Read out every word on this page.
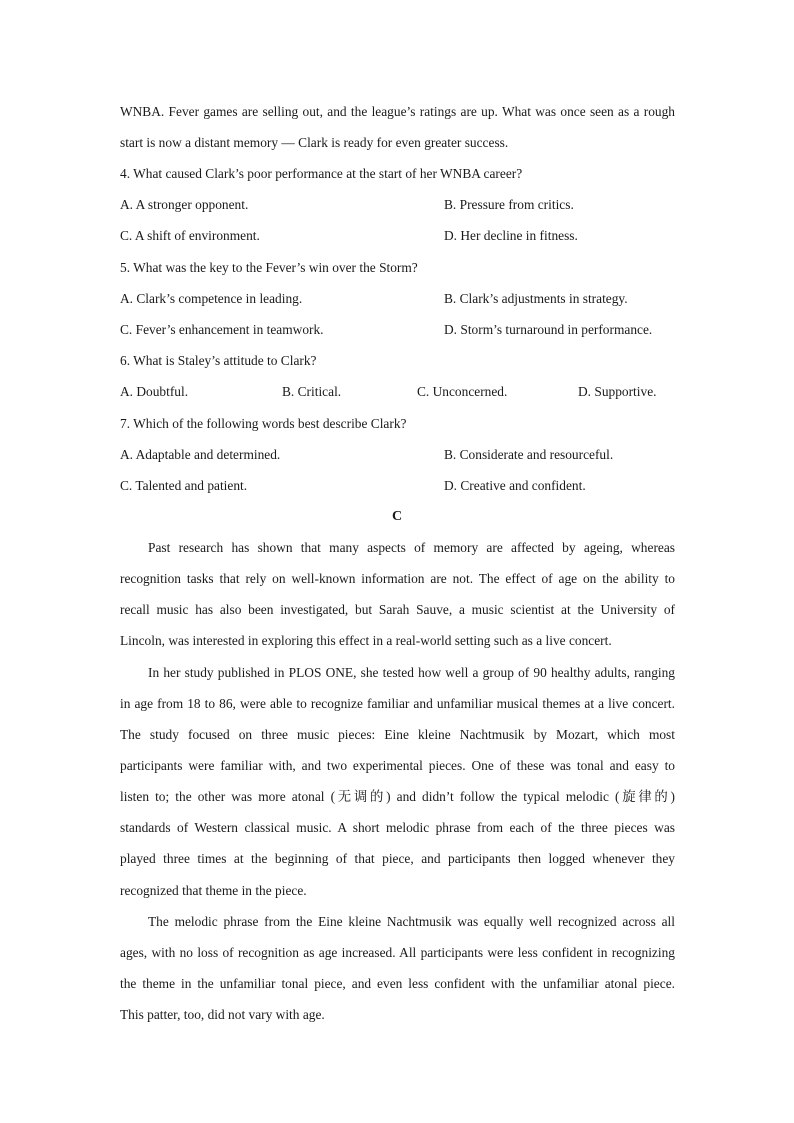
WNBA. Fever games are selling out, and the league’s ratings are up. What was once seen as a rough
start is now a distant memory — Clark is ready for even greater success.
4. What caused Clark’s poor performance at the start of her WNBA career?
A. A stronger opponent.	B. Pressure from critics.
C. A shift of environment.	D. Her decline in fitness.
5. What was the key to the Fever’s win over the Storm?
A. Clark’s competence in leading.	B. Clark’s adjustments in strategy.
C. Fever’s enhancement in teamwork.	D. Storm’s turnaround in performance.
6. What is Staley’s attitude to Clark?
A. Doubtful.	B. Critical.	C. Unconcerned.	D. Supportive.
7. Which of the following words best describe Clark?
A. Adaptable and determined.	B. Considerate and resourceful.
C. Talented and patient.	D. Creative and confident.
C
Past research has shown that many aspects of memory are affected by ageing, whereas
recognition tasks that rely on well-known information are not. The effect of age on the ability to
recall music has also been investigated, but Sarah Sauve, a music scientist at the University of
Lincoln, was interested in exploring this effect in a real-world setting such as a live concert.
In her study published in PLOS ONE, she tested how well a group of 90 healthy adults, ranging
in age from 18 to 86, were able to recognize familiar and unfamiliar musical themes at a live concert.
The study focused on three music pieces: Eine kleine Nachtmusik by Mozart, which most
participants were familiar with, and two experimental pieces. One of these was tonal and easy to
listen to; the other was more atonal (无调的) and didn’t follow the typical melodic (旋律的)
standards of Western classical music. A short melodic phrase from each of the three pieces was
played three times at the beginning of that piece, and participants then logged whenever they
recognized that theme in the piece.
The melodic phrase from the Eine kleine Nachtmusik was equally well recognized across all
ages, with no loss of recognition as age increased. All participants were less confident in recognizing
the theme in the unfamiliar tonal piece, and even less confident with the unfamiliar atonal piece.
This patter, too, did not vary with age.
